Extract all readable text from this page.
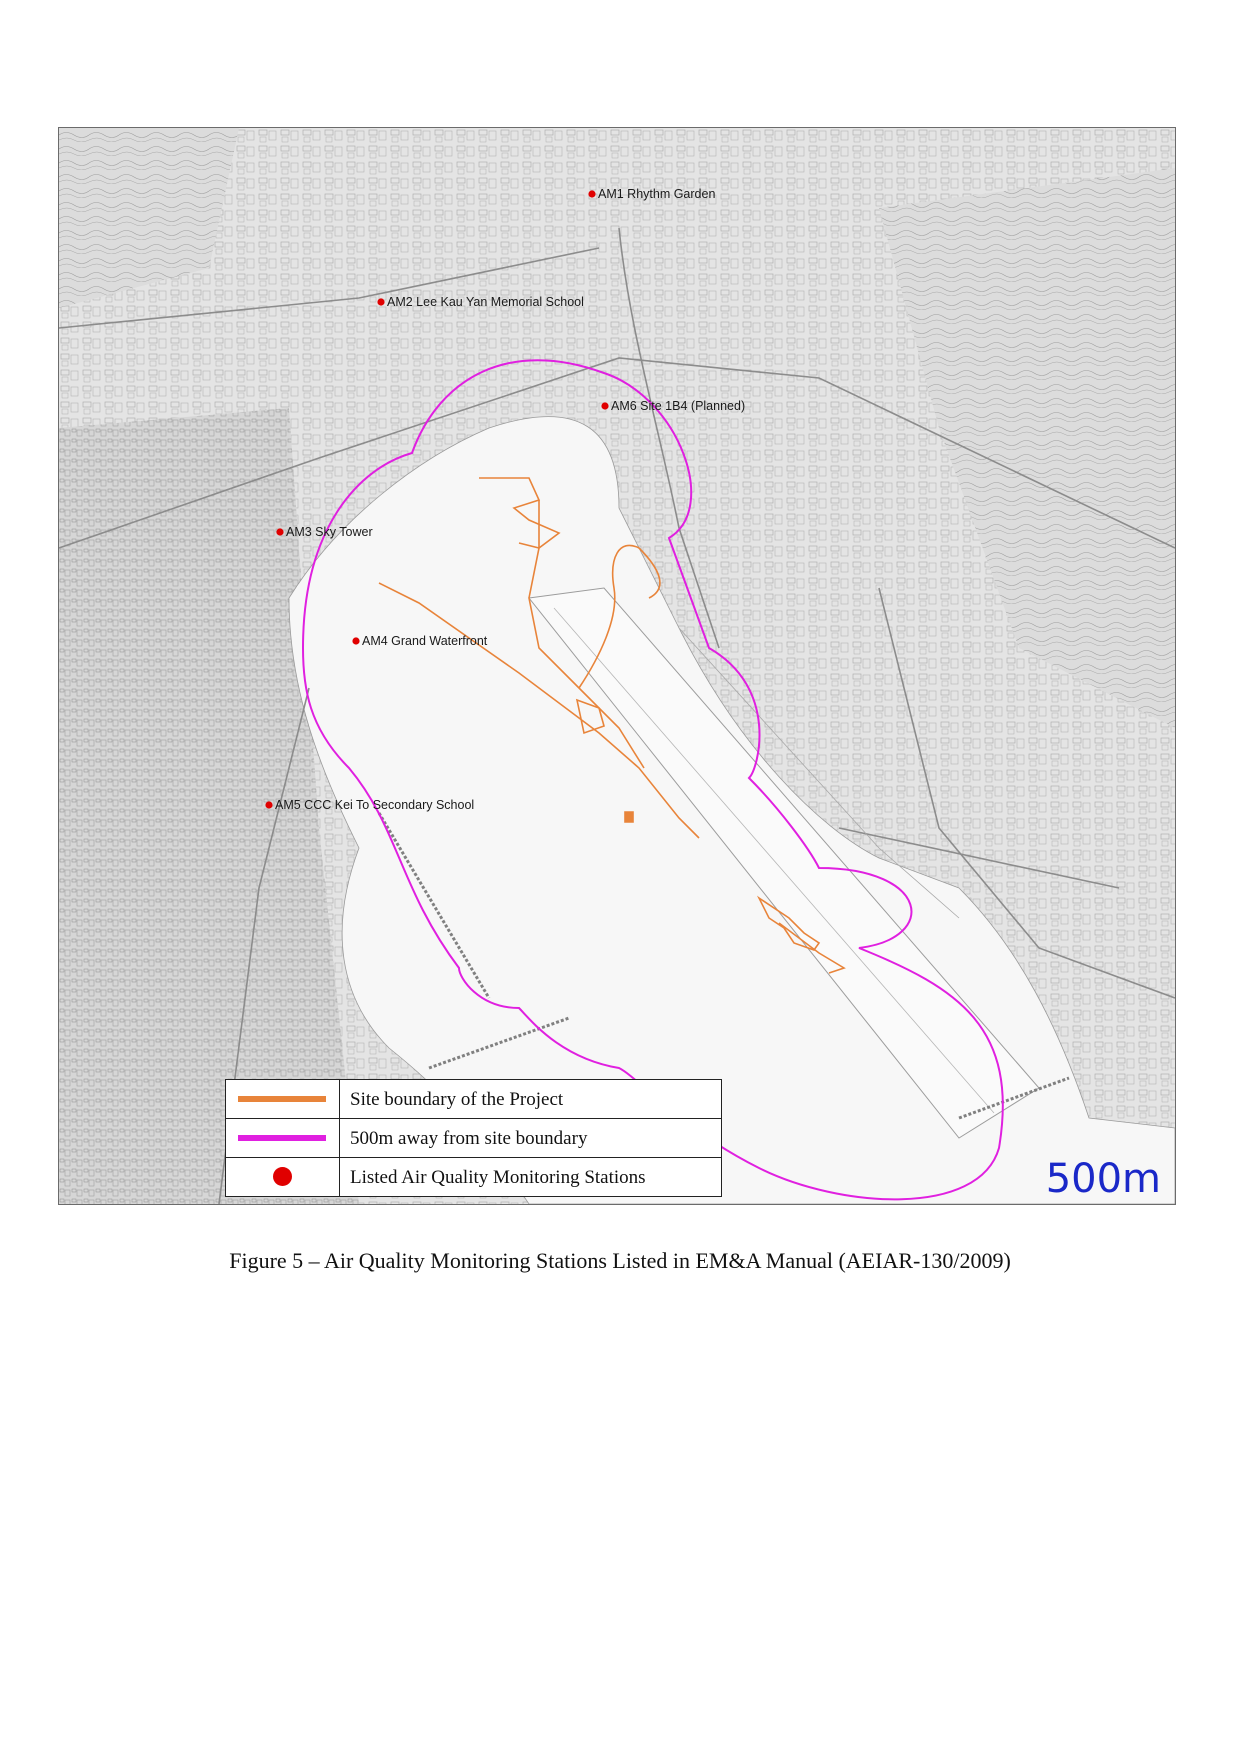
AM1 Rhythm Garden
AM2 Lee Kau Yan Memorial School
AM6 Site 1B4 (Planned)
AM3 Sky Tower
AM4 Grand Waterfront
AM5 CCC Kei To Secondary School
500m
Site boundary of the Project
500m away from site boundary
Listed Air Quality Monitoring Stations
Figure 5 – Air Quality Monitoring Stations Listed in EM&A Manual (AEIAR-130/2009)
